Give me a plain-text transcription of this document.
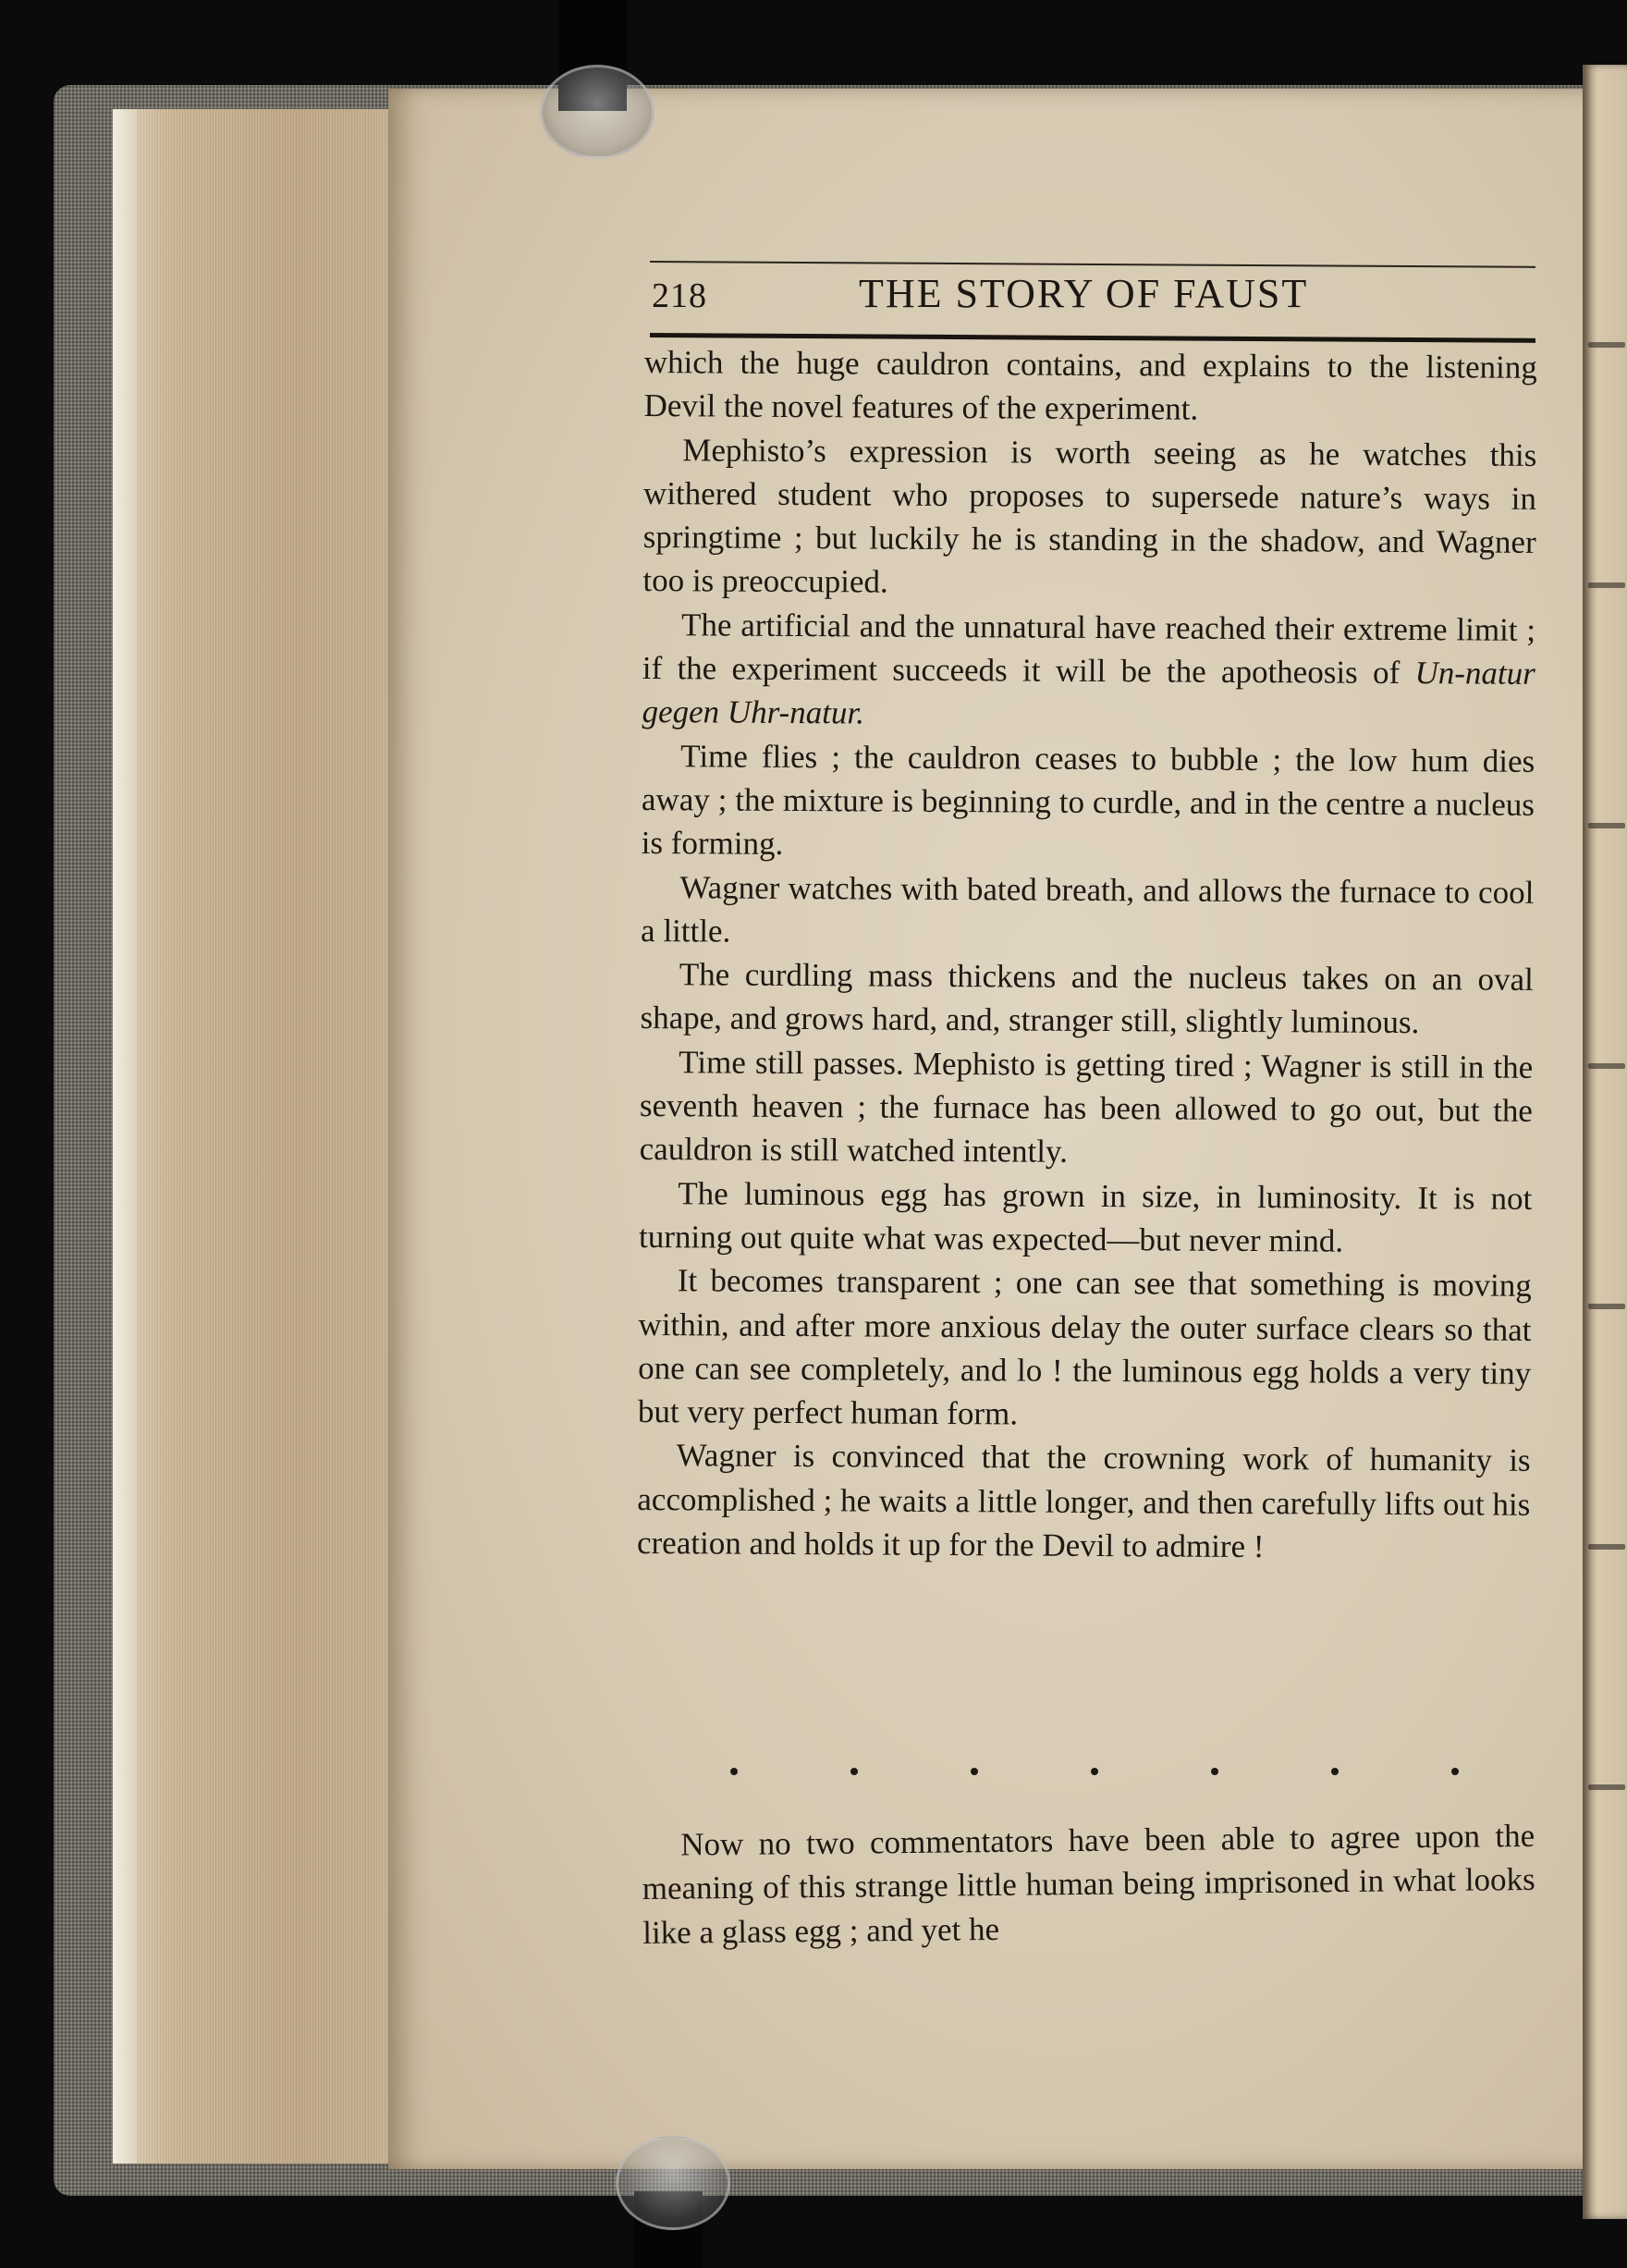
218	THE STORY OF FAUST

which the huge cauldron contains, and explains to the listening Devil the novel features of the experiment.

Mephisto’s expression is worth seeing as he watches this withered student who proposes to supersede nature’s ways in springtime ; but luckily he is standing in the shadow, and Wagner too is preoccupied.

The artificial and the unnatural have reached their extreme limit ; if the experiment succeeds it will be the apotheosis of Un-natur gegen Uhr-natur.

Time flies ; the cauldron ceases to bubble ; the low hum dies away ; the mixture is beginning to curdle, and in the centre a nucleus is forming.

Wagner watches with bated breath, and allows the furnace to cool a little.

The curdling mass thickens and the nucleus takes on an oval shape, and grows hard, and, stranger still, slightly luminous.

Time still passes. Mephisto is getting tired ; Wagner is still in the seventh heaven ; the furnace has been allowed to go out, but the cauldron is still watched intently.

The luminous egg has grown in size, in luminosity. It is not turning out quite what was expected—but never mind.

It becomes transparent ; one can see that something is moving within, and after more anxious delay the outer surface clears so that one can see completely, and lo ! the luminous egg holds a very tiny but very perfect human form.

Wagner is convinced that the crowning work of humanity is accomplished ; he waits a little longer, and then carefully lifts out his creation and holds it up for the Devil to admire !

Now no two commentators have been able to agree upon the meaning of this strange little human being imprisoned in what looks like a glass egg ; and yet he
